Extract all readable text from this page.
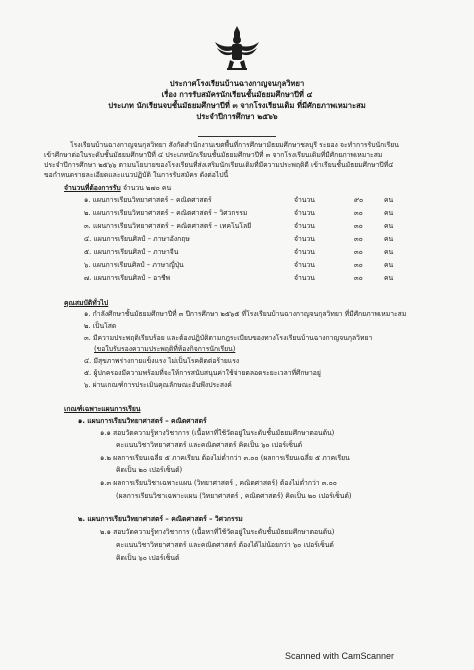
ประกาศโรงเรียนบ้านฉางกาญจนกุลวิทยา
เรื่อง การรับสมัครนักเรียนชั้นมัธยมศึกษาปีที่ ๔
ประเภท นักเรียนจบชั้นมัธยมศึกษาปีที่ ๓ จากโรงเรียนเดิม ที่มีศักยภาพเหมาะสม
ประจำปีการศึกษา ๒๕๖๖
โรงเรียนบ้านฉางกาญจนกุลวิทยา สังกัดสำนักงานเขตพื้นที่การศึกษามัธยมศึกษาชลบุรี ระยอง จะทำการรับนักเรียน
เข้าศึกษาต่อในระดับชั้นมัธยมศึกษาปีที่ ๔ ประเภทนักเรียนชั้นมัธยมศึกษาปีที่ ๓ จากโรงเรียนเดิมที่มีศักยภาพเหมาะสม
ประจำปีการศึกษา ๒๕๖๖ ตามนโยบายของโรงเรียนที่ส่งเสริมนักเรียนเดิมที่มีความประพฤติดี เข้าเรียนชั้นมัธยมศึกษาปีที่๔
ขอกำหนดรายละเอียดและแนวปฏิบัติ ในการรับสมัคร ดังต่อไปนี้
จำนวนที่ต้องการรับ จำนวน ๒๗๐ คน
๑. แผนการเรียนวิทยาศาสตร์ – คณิตศาสตร์	จำนวน	๙๐	คน
๒. แผนการเรียนวิทยาศาสตร์ – คณิตศาสตร์ – วิศวกรรม	จำนวน	๓๐	คน
๓. แผนการเรียนวิทยาศาสตร์ – คณิตศาสตร์ – เทคโนโลยี	จำนวน	๓๐	คน
๔. แผนการเรียนศิลป์ – ภาษาอังกฤษ	จำนวน	๓๐	คน
๕. แผนการเรียนศิลป์ – ภาษาจีน	จำนวน	๓๐	คน
๖. แผนการเรียนศิลป์ – ภาษาญี่ปุ่น	จำนวน	๓๐	คน
๗. แผนการเรียนศิลป์ – อาชีพ	จำนวน	๓๐	คน
คุณสมบัติทั่วไป
๑. กำลังศึกษาชั้นมัธยมศึกษาปีที่ ๓ ปีการศึกษา ๒๕๖๕ ที่โรงเรียนบ้านฉางกาญจนกุลวิทยา ที่มีศักยภาพเหมาะสม
๒. เป็นโสด
๓. มีความประพฤติเรียบร้อย และต้องปฏิบัติตามกฎระเบียบของทางโรงเรียนบ้านฉางกาญจนกุลวิทยา
(ขอใบรับรองความประพฤติที่ห้องกิจการนักเรียน)
๔. มีสุขภาพร่างกายแข็งแรง ไม่เป็นโรคติดต่อร้ายแรง
๕. ผู้ปกครองมีความพร้อมที่จะให้การสนับสนุนค่าใช้จ่ายตลอดระยะเวลาที่ศึกษาอยู่
๖. ผ่านเกณฑ์การประเมินคุณลักษณะอันพึงประสงค์
เกณฑ์เฉพาะแผนการเรียน
๑. แผนการเรียนวิทยาศาสตร์ – คณิตศาสตร์
๑.๑ สอบวัดความรู้ทางวิชาการ (เนื้อหาที่ใช้วัดอยู่ในระดับชั้นมัธยมศึกษาตอนต้น)
คะแนนวิชาวิทยาศาสตร์ และคณิตศาสตร์ คิดเป็น ๖๐ เปอร์เซ็นต์
๑.๒ ผลการเรียนเฉลี่ย ๕ ภาคเรียน ต้องไม่ต่ำกว่า ๓.๐๐ (ผลการเรียนเฉลี่ย ๕ ภาคเรียน
คิดเป็น ๒๐ เปอร์เซ็นต์)
๑.๓ ผลการเรียนวิชาเฉพาะแผน (วิทยาศาสตร์ , คณิตศาสตร์) ต้องไม่ต่ำกว่า ๓.๐๐
(ผลการเรียนวิชาเฉพาะแผน (วิทยาศาสตร์ , คณิตศาสตร์) คิดเป็น ๒๐ เปอร์เซ็นต์)
๒. แผนการเรียนวิทยาศาสตร์ – คณิตศาสตร์ – วิศวกรรม
๒.๑ สอบวัดความรู้ทางวิชาการ (เนื้อหาที่ใช้วัดอยู่ในระดับชั้นมัธยมศึกษาตอนต้น)
คะแนนวิชาวิทยาศาสตร์ และคณิตศาสตร์ ต้องได้ไม่น้อยกว่า ๖๐ เปอร์เซ็นต์
คิดเป็น ๖๐ เปอร์เซ็นต์
Scanned with CamScanner
